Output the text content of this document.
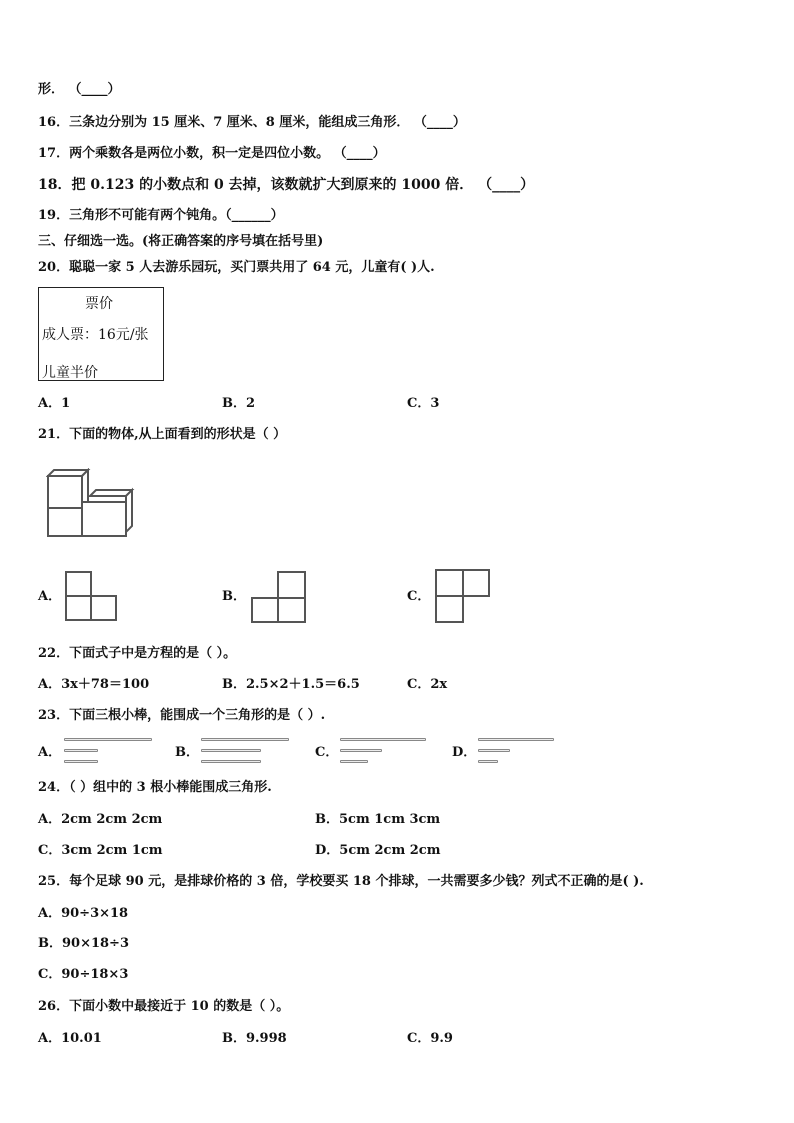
形． （____）
16．三条边分别为 15 厘米、7 厘米、8 厘米，能组成三角形． （____）
17．两个乘数各是两位小数，积一定是四位小数。 （____）
18．把 0.123 的小数点和 0 去掉，该数就扩大到原来的 1000 倍． （____）
19．三角形不可能有两个钝角。（______）
三、仔细选一选。(将正确答案的序号填在括号里)
20．聪聪一家 5 人去游乐园玩，买门票共用了 64 元，儿童有( )人.
票价
成人票：16元/张
儿童半价
A．1	B．2	C．3
21．下面的物体,从上面看到的形状是（ ）
A．	B．	C．
22．下面式子中是方程的是（ ）。
A．3x＋78＝100	B．2.5×2＋1.5＝6.5	C．2x
23．下面三根小棒，能围成一个三角形的是（ ）.
A．	B．	C．	D．
24．（ ）组中的 3 根小棒能围成三角形.
A．2cm 2cm 2cm	B．5cm 1cm 3cm
C．3cm 2cm 1cm	D．5cm 2cm 2cm
25．每个足球 90 元，是排球价格的 3 倍，学校要买 18 个排球，一共需要多少钱？列式不正确的是( ).
A．90÷3×18
B．90×18÷3
C．90÷18×3
26．下面小数中最接近于 10 的数是（ ）。
A．10.01	B．9.998	C．9.9
